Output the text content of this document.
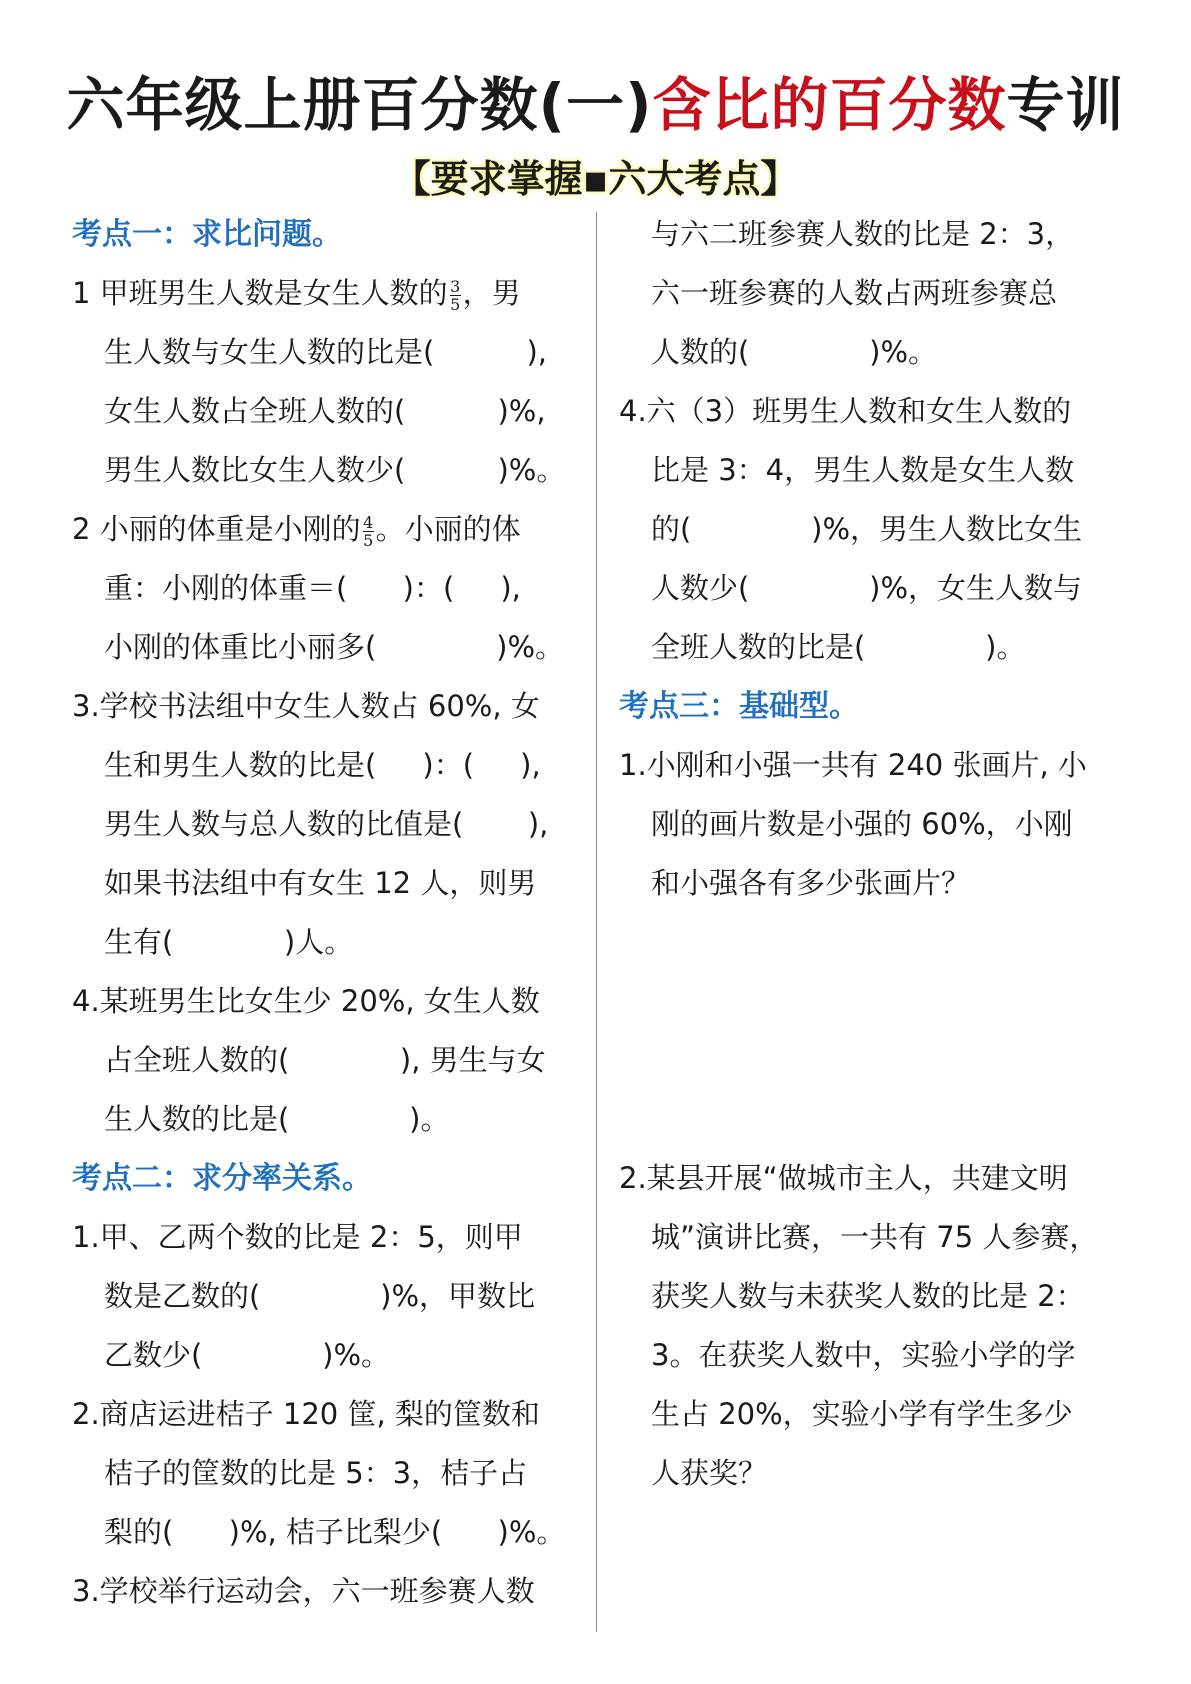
六年级上册百分数(一)含比的百分数专训
【要求掌握▪六大考点】
考点一：求比问题。
1 甲班男生人数是女生人数的 $\frac{3}{5}$ ，男
生人数与女生人数的比是(          ),
女生人数占全班人数的(          )%,
男生人数比女生人数少(          )%。
2 小丽的体重是小刚的 $\frac{4}{5}$ 。小丽的体
重：小刚的体重＝(      )：(     ),
小刚的体重比小丽多(             )%。
3.学校书法组中女生人数占 60%, 女
生和男生人数的比是(     )：(     ),
男生人数与总人数的比值是(       ),
如果书法组中有女生 12 人，则男
生有(            )人。
4.某班男生比女生少 20%, 女生人数
占全班人数的(            ), 男生与女
生人数的比是(             )。
考点二：求分率关系。
1.甲、乙两个数的比是 2：5，则甲
数是乙数的(             )%，甲数比
乙数少(             )%。
2.商店运进桔子 120 筐, 梨的筐数和
桔子的筐数的比是 5：3，桔子占
梨的(      )%, 桔子比梨少(      )%。
3.学校举行运动会，六一班参赛人数
与六二班参赛人数的比是 2：3，
六一班参赛的人数占两班参赛总
人数的(             )%。
4.六（3）班男生人数和女生人数的
比是 3：4，男生人数是女生人数
的(             )%，男生人数比女生
人数少(             )%，女生人数与
全班人数的比是(             )。
考点三：基础型。
1.小刚和小强一共有 240 张画片, 小
刚的画片数是小强的 60%，小刚
和小强各有多少张画片？
2.某县开展“做城市主人，共建文明
城”演讲比赛，一共有 75 人参赛，
获奖人数与未获奖人数的比是 2：
3。在获奖人数中，实验小学的学
生占 20%，实验小学有学生多少
人获奖？
